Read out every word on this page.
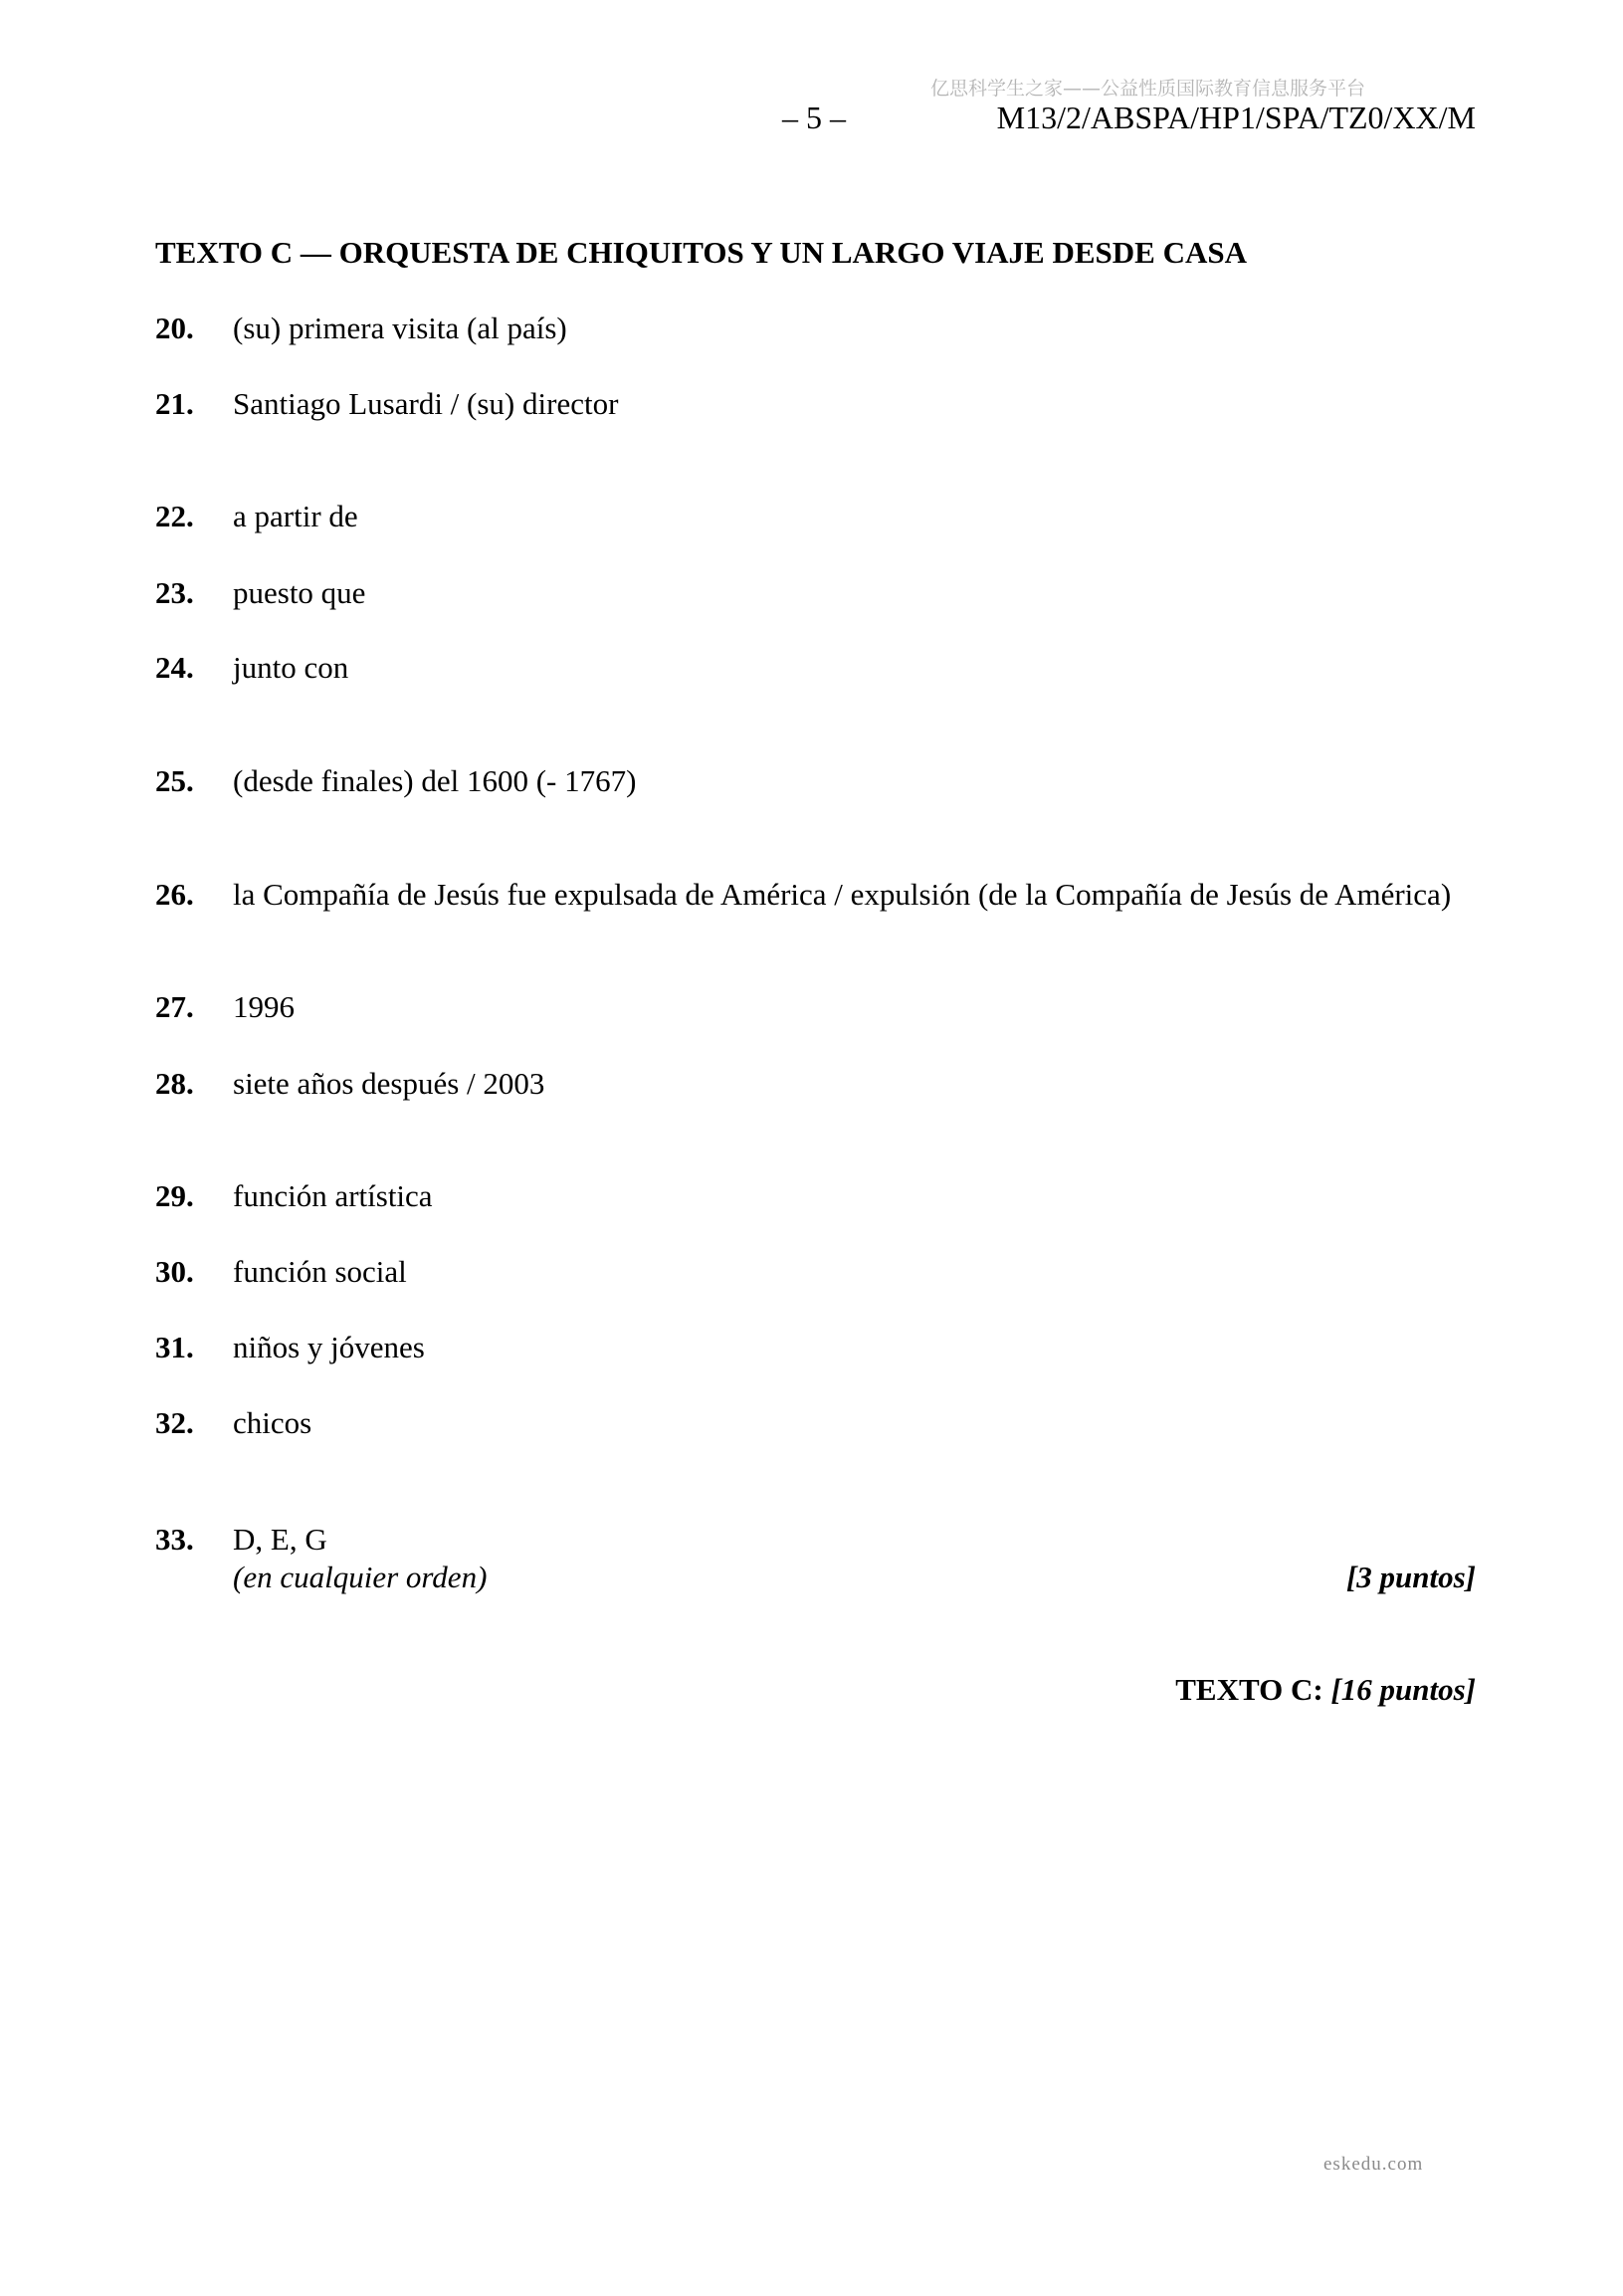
亿思科学生之家——公益性质国际教育信息服务平台
– 5 –	M13/2/ABSPA/HP1/SPA/TZ0/XX/M
TEXTO C — ORQUESTA DE CHIQUITOS Y UN LARGO VIAJE DESDE CASA
20. (su) primera visita (al país)
21. Santiago Lusardi / (su) director
22. a partir de
23. puesto que
24. junto con
25. (desde finales) del 1600 (- 1767)
26. la Compañía de Jesús fue expulsada de América / expulsión (de la Compañía de Jesús de América)
27. 1996
28. siete años después / 2003
29. función artística
30. función social
31. niños y jóvenes
32. chicos
33. D, E, G
(en cualquier orden)	[3 puntos]
TEXTO C: [16 puntos]
eskedu.com
